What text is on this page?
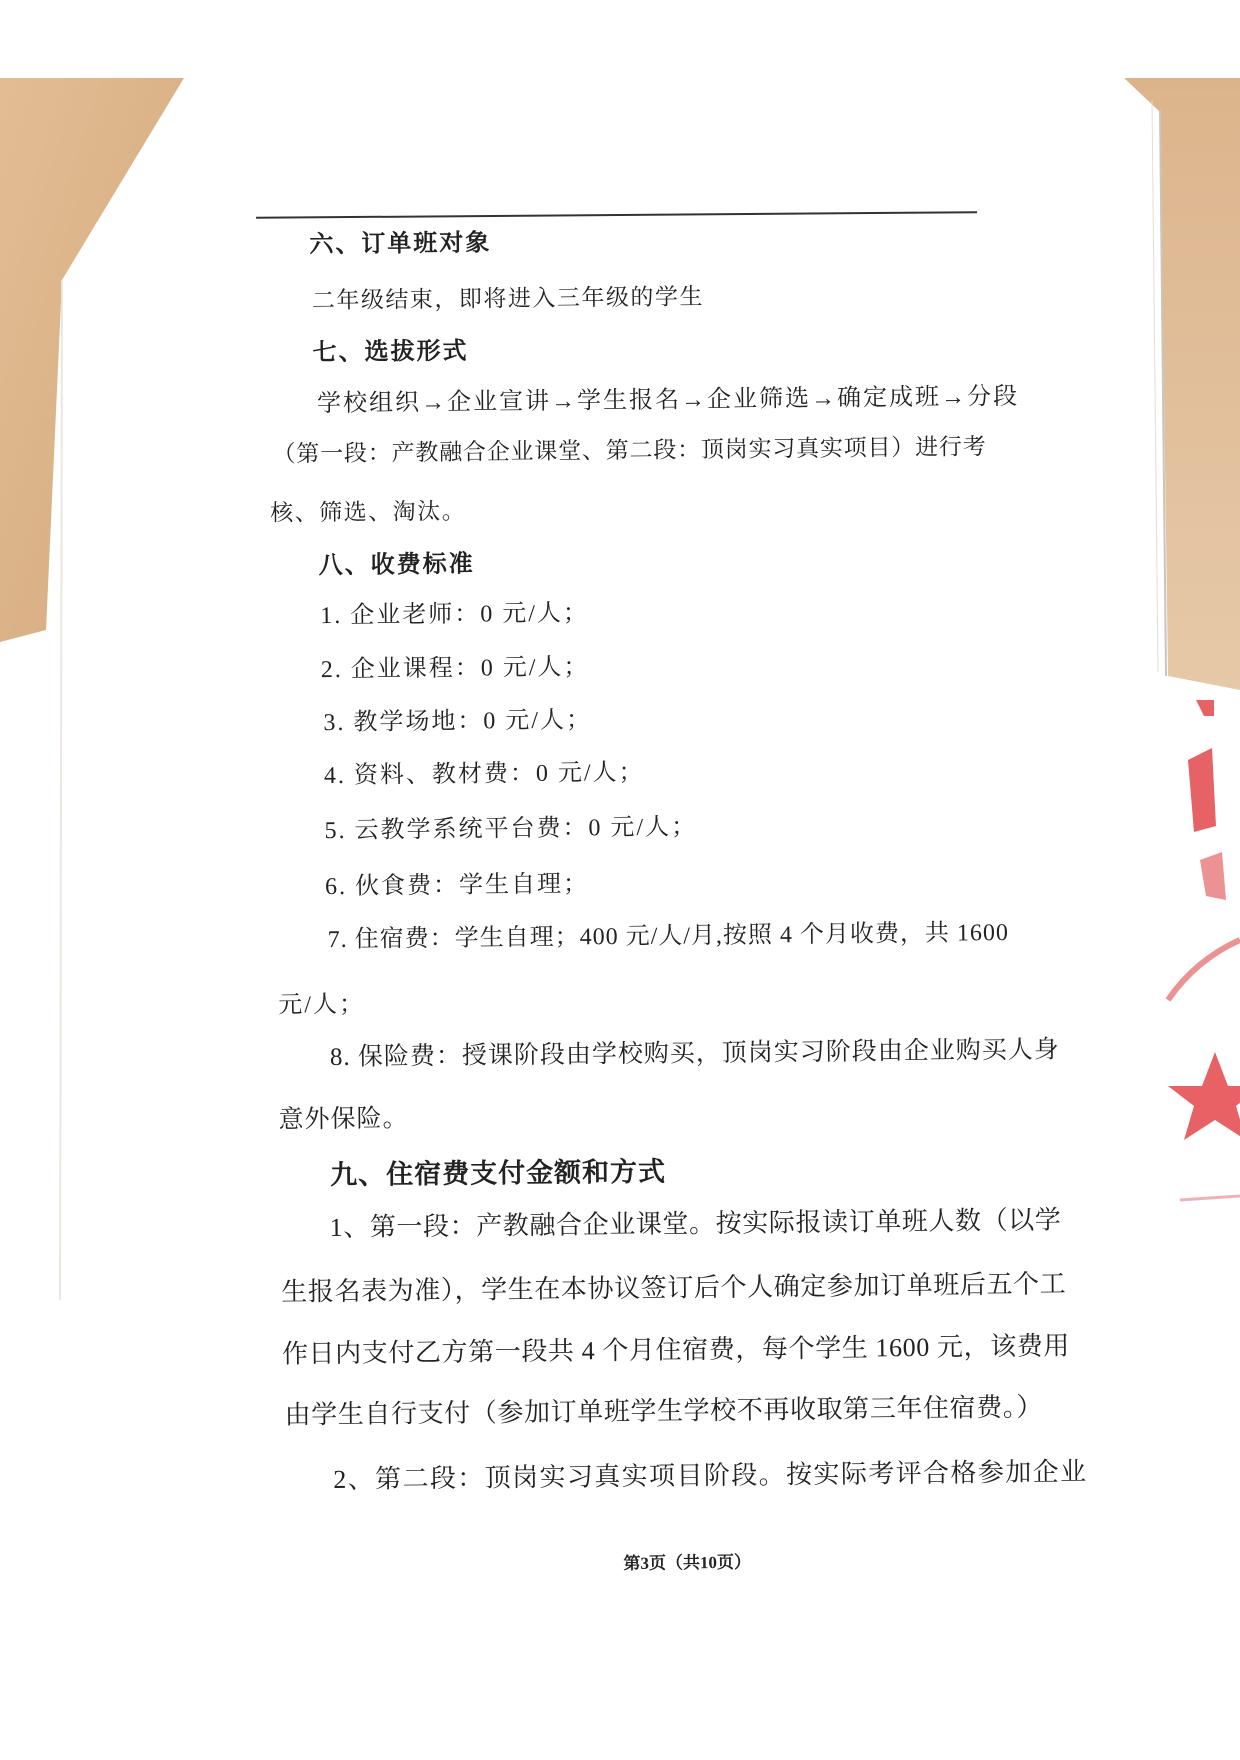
六、订单班对象
二年级结束，即将进入三年级的学生
七、选拔形式
学校组织→企业宣讲→学生报名→企业筛选→确定成班→分段
（第一段：产教融合企业课堂、第二段：顶岗实习真实项目）进行考
核、筛选、淘汰。
八、收费标准
1. 企业老师：0 元/人；
2. 企业课程：0 元/人；
3. 教学场地：0 元/人；
4. 资料、教材费：0 元/人；
5. 云教学系统平台费：0 元/人；
6. 伙食费：学生自理；
7. 住宿费：学生自理；400 元/人/月,按照 4 个月收费，共 1600
元/人；
8. 保险费：授课阶段由学校购买，顶岗实习阶段由企业购买人身
意外保险。
九、住宿费支付金额和方式
1、第一段：产教融合企业课堂。按实际报读订单班人数（以学
生报名表为准），学生在本协议签订后个人确定参加订单班后五个工
作日内支付乙方第一段共 4 个月住宿费，每个学生 1600 元，该费用
由学生自行支付（参加订单班学生学校不再收取第三年住宿费。）
2、第二段：顶岗实习真实项目阶段。按实际考评合格参加企业
第3页（共10页）
